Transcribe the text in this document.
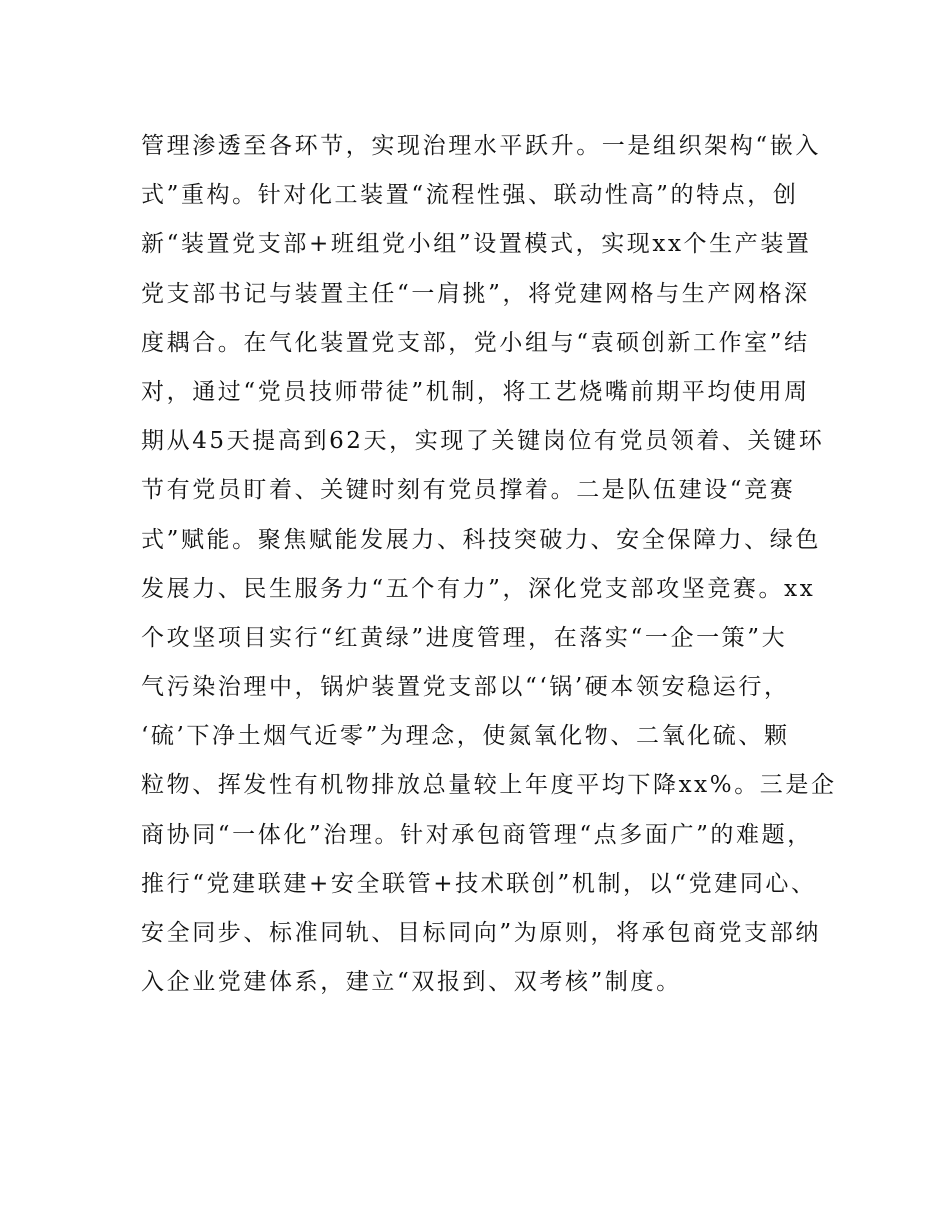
管理渗透至各环节，实现治理水平跃升。一是组织架构“嵌入
式”重构。针对化工装置“流程性强、联动性高”的特点，创
新“装置党支部+班组党小组”设置模式，实现xx个生产装置
党支部书记与装置主任“一肩挑”，将党建网格与生产网格深
度耦合。在气化装置党支部，党小组与“袁硕创新工作室”结
对，通过“党员技师带徒”机制，将工艺烧嘴前期平均使用周
期从45天提高到62天，实现了关键岗位有党员领着、关键环
节有党员盯着、关键时刻有党员撑着。二是队伍建设“竞赛
式”赋能。聚焦赋能发展力、科技突破力、安全保障力、绿色
发展力、民生服务力“五个有力”，深化党支部攻坚竞赛。xx
个攻坚项目实行“红黄绿”进度管理，在落实“一企一策”大
气污染治理中，锅炉装置党支部以“‘锅’硬本领安稳运行，
‘硫’下净土烟气近零”为理念，使氮氧化物、二氧化硫、颗
粒物、挥发性有机物排放总量较上年度平均下降xx%。三是企
商协同“一体化”治理。针对承包商管理“点多面广”的难题，
推行“党建联建+安全联管+技术联创”机制，以“党建同心、
安全同步、标准同轨、目标同向”为原则，将承包商党支部纳
入企业党建体系，建立“双报到、双考核”制度。
